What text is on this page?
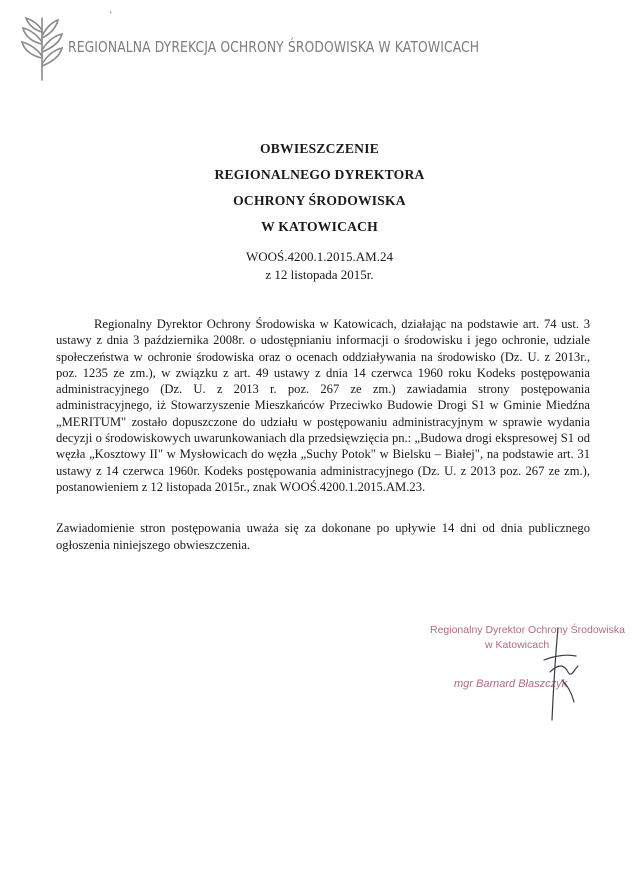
REGIONALNA DYREKCJA OCHRONY ŚRODOWISKA W KATOWICACH
'
OBWIESZCZENIE
REGIONALNEGO DYREKTORA
OCHRONY ŚRODOWISKA
W KATOWICACH
WOOŚ.4200.1.2015.AM.24
z 12 listopada 2015r.

Regionalny Dyrektor Ochrony Środowiska w Katowicach, działając na podstawie art. 74 ust. 3 ustawy z dnia 3 października 2008r. o udostępnianiu informacji o środowisku i jego ochronie, udziale społeczeństwa w ochronie środowiska oraz o ocenach oddziaływania na środowisko (Dz. U. z 2013r., poz. 1235 ze zm.), w związku z art. 49 ustawy z dnia 14 czerwca 1960 roku Kodeks postępowania administracyjnego (Dz. U. z 2013 r. poz. 267 ze zm.) zawiadamia strony postępowania administracyjnego, iż Stowarzyszenie Mieszkańców Przeciwko Budowie Drogi S1 w Gminie Miedźna „MERITUM" zostało dopuszczone do udziału w postępowaniu administracyjnym w sprawie wydania decyzji o środowiskowych uwarunkowaniach dla przedsięwzięcia pn.: „Budowa drogi ekspresowej S1 od węzła „Kosztowy II" w Mysłowicach do węzła „Suchy Potok" w Bielsku – Białej", na podstawie art. 31 ustawy z 14 czerwca 1960r. Kodeks postępowania administracyjnego (Dz. U. z 2013 poz. 267 ze zm.), postanowieniem z 12 listopada 2015r., znak WOOŚ.4200.1.2015.AM.23.

Zawiadomienie stron postępowania uważa się za dokonane po upływie 14 dni od dnia publicznego ogłoszenia niniejszego obwieszczenia.

Regionalny Dyrektor Ochrony Środowiska
w Katowicach
mgr Barnard Błaszczyk
